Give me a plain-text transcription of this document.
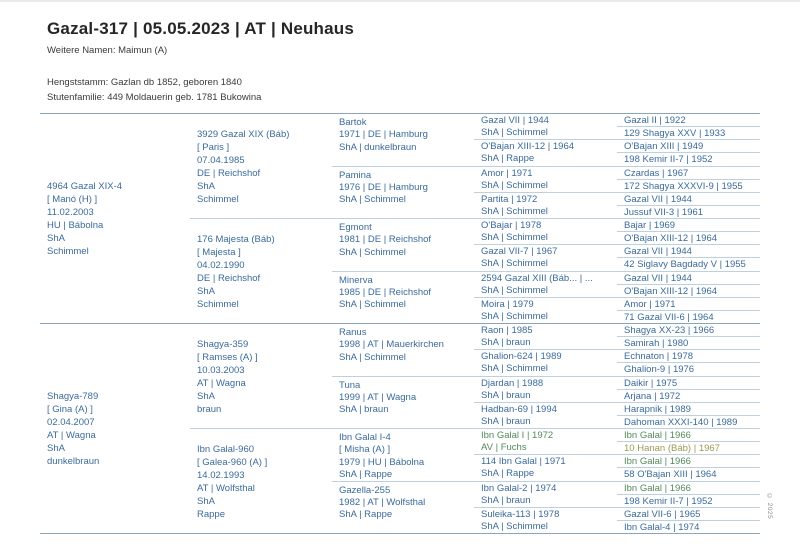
Gazal-317 | 05.05.2023 | AT | Neuhaus
Weitere Namen: Maimun (A)
Hengststamm: Gazlan db 1852, geboren 1840
Stutenfamilie: 449 Moldauerin geb. 1781 Bukowina
4964 Gazal XIX-4
[ Manó (H) ]
11.02.2003
HU | Bábolna
ShA
Schimmel
Shagya-789
[ Gina (A) ]
02.04.2007
AT | Wagna
ShA
dunkelbraun
3929 Gazal XIX (Báb)
[ Paris ]
07.04.1985
DE | Reichshof
ShA
Schimmel
176 Majesta (Báb)
[ Majesta ]
04.02.1990
DE | Reichshof
ShA
Schimmel
Shagya-359
[ Ramses (A) ]
10.03.2003
AT | Wagna
ShA
braun
Ibn Galal-960
[ Galea-960 (A) ]
14.02.1993
AT | Wolfsthal
ShA
Rappe
Bartok
1971 | DE | Hamburg
ShA | dunkelbraun
Pamina
1976 | DE | Hamburg
ShA | Schimmel
Egmont
1981 | DE | Reichshof
ShA | Schimmel
Minerva
1985 | DE | Reichshof
ShA | Schimmel
Ranus
1998 | AT | Mauerkirchen
ShA | Schimmel
Tuna
1999 | AT | Wagna
ShA | braun
Ibn Galal I-4
[ Misha (A) ]
1979 | HU | Bábolna
ShA | Rappe
Gazella-255
1982 | AT | Wolfsthal
ShA | Rappe
Gazal VII | 1944
ShA | Schimmel
O'Bajan XIII-12 | 1964
ShA | Rappe
Amor | 1971
ShA | Schimmel
Partita | 1972
ShA | Schimmel
O'Bajar | 1978
ShA | Schimmel
Gazal VII-7 | 1967
ShA | Schimmel
2594 Gazal XIII (Báb... | ...
ShA | Schimmel
Moira | 1979
ShA | Schimmel
Raon | 1985
ShA | braun
Ghalion-624 | 1989
ShA | Schimmel
Djardan | 1988
ShA | braun
Hadban-69 | 1994
ShA | braun
Ibn Galal I | 1972
AV | Fuchs
114 Ibn Galal | 1971
ShA | Rappe
Ibn Galal-2 | 1974
ShA | braun
Suleika-113 | 1978
ShA | Schimmel
Gazal II | 1922
129 Shagya XXV | 1933
O'Bajan XIII | 1949
198 Kemir II-7 | 1952
Czardas | 1967
172 Shagya XXXVI-9 | 1955
Gazal VII | 1944
Jussuf VII-3 | 1961
Bajar | 1969
O'Bajan XIII-12 | 1964
Gazal VII | 1944
42 Siglavy Bagdady V | 1955
Gazal VII | 1944
O'Bajan XIII-12 | 1964
Amor | 1971
71 Gazal VII-6 | 1964
Shagya XX-23 | 1966
Samirah | 1980
Echnaton | 1978
Ghalion-9 | 1976
Daikir | 1975
Arjana | 1972
Harapnik | 1989
Dahoman XXXI-140 | 1989
Ibn Galal | 1966
10 Hanan (Báb) | 1967
Ibn Galal | 1966
58 O'Bajan XIII | 1964
Ibn Galal | 1966
198 Kemir II-7 | 1952
Gazal VII-6 | 1965
Ibn Galal-4 | 1974
© 2025
